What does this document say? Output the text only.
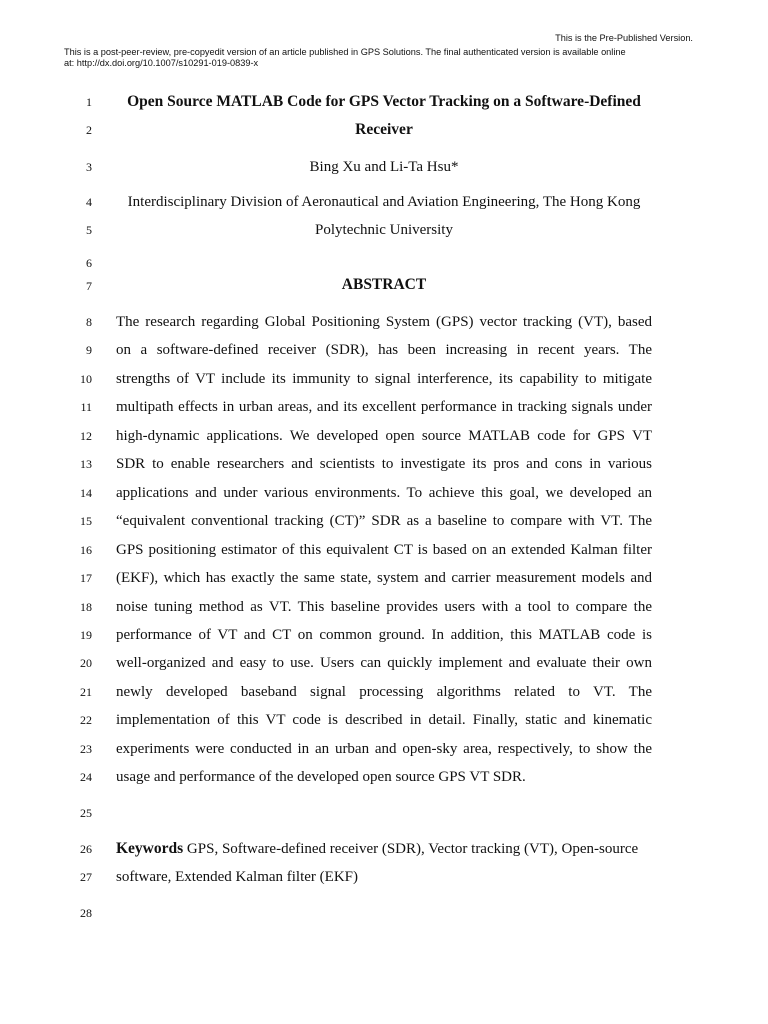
This is the Pre-Published Version.
This is a post-peer-review, pre-copyedit version of an article published in GPS Solutions. The final authenticated version is available online
at: http://dx.doi.org/10.1007/s10291-019-0839-x
1
2
3
4
5
6
7
8
9
10
11
12
13
14
15
16
17
18
19
20
21
22
23
24
25
26
27
28
Open Source MATLAB Code for GPS Vector Tracking on a Software-Defined
Receiver
Bing Xu and Li-Ta Hsu*
Interdisciplinary Division of Aeronautical and Aviation Engineering, The Hong Kong
Polytechnic University
ABSTRACT
The research regarding Global Positioning System (GPS) vector tracking (VT), based
on a software-defined receiver (SDR), has been increasing in recent years. The
strengths of VT include its immunity to signal interference, its capability to mitigate
multipath effects in urban areas, and its excellent performance in tracking signals under
high-dynamic applications. We developed open source MATLAB code for GPS VT
SDR to enable researchers and scientists to investigate its pros and cons in various
applications and under various environments. To achieve this goal, we developed an
“equivalent conventional tracking (CT)” SDR as a baseline to compare with VT. The
GPS positioning estimator of this equivalent CT is based on an extended Kalman filter
(EKF), which has exactly the same state, system and carrier measurement models and
noise tuning method as VT. This baseline provides users with a tool to compare the
performance of VT and CT on common ground. In addition, this MATLAB code is
well-organized and easy to use. Users can quickly implement and evaluate their own
newly developed baseband signal processing algorithms related to VT. The
implementation of this VT code is described in detail. Finally, static and kinematic
experiments were conducted in an urban and open-sky area, respectively, to show the
usage and performance of the developed open source GPS VT SDR.
Keywords GPS, Software-defined receiver (SDR), Vector tracking (VT), Open-source
software, Extended Kalman filter (EKF)
